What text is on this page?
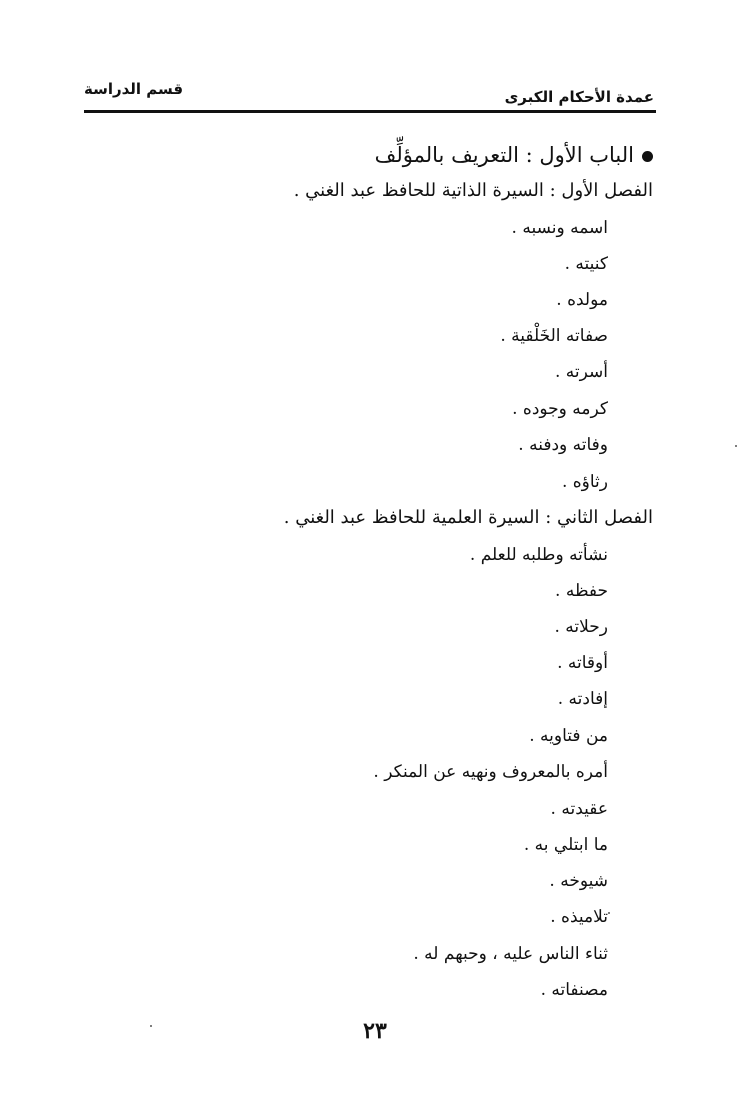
عمدة الأحكام الكبرى
قسم الدراسة
الباب الأول : التعريف بالمؤلِّف
الفصل الأول : السيرة الذاتية للحافظ عبد الغني .
اسمه ونسبه .
كنيته .
مولده .
صفاته الخَلْقية .
أسرته .
كرمه وجوده .
وفاته ودفنه .
رثاؤه .
الفصل الثاني : السيرة العلمية للحافظ عبد الغني .
نشأته وطلبه للعلم .
حفظه .
رحلاته .
أوقاته .
إفادته .
من فتاويه .
أمره بالمعروف ونهيه عن المنكر .
عقيدته .
ما ابتلي به .
شيوخه .
تلاميذه .
ثناء الناس عليه ، وحبهم له .
مصنفاته .
٢٣
